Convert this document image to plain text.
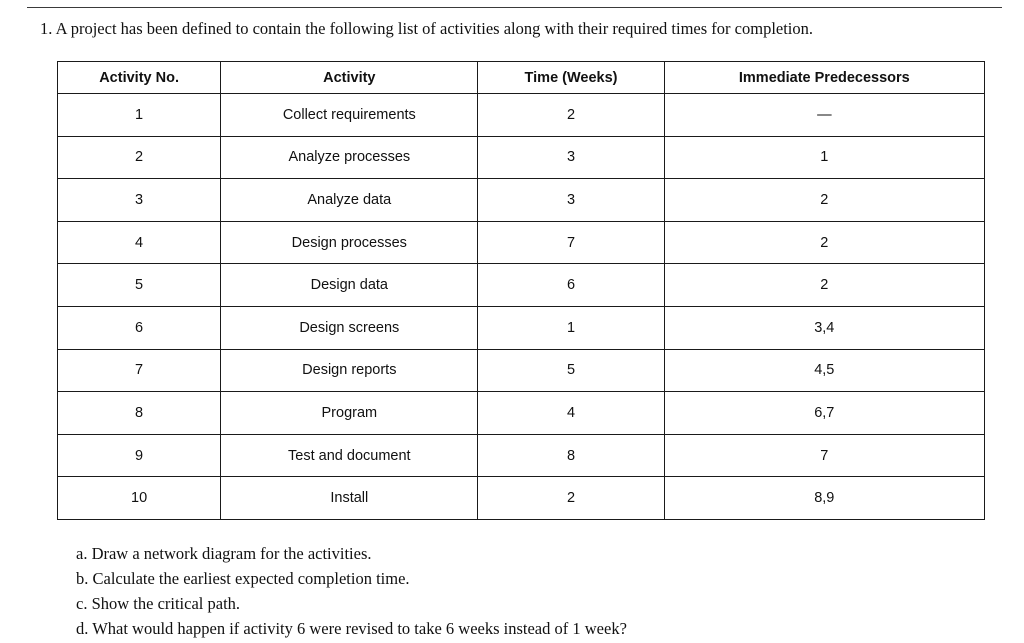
1. A project has been defined to contain the following list of activities along with their required times for completion.
Activity No.	Activity	Time (Weeks)	Immediate Predecessors
1	Collect requirements	2	—
2	Analyze processes	3	1
3	Analyze data	3	2
4	Design processes	7	2
5	Design data	6	2
6	Design screens	1	3,4
7	Design reports	5	4,5
8	Program	4	6,7
9	Test and document	8	7
10	Install	2	8,9
a. Draw a network diagram for the activities.
b. Calculate the earliest expected completion time.
c. Show the critical path.
d. What would happen if activity 6 were revised to take 6 weeks instead of 1 week?
